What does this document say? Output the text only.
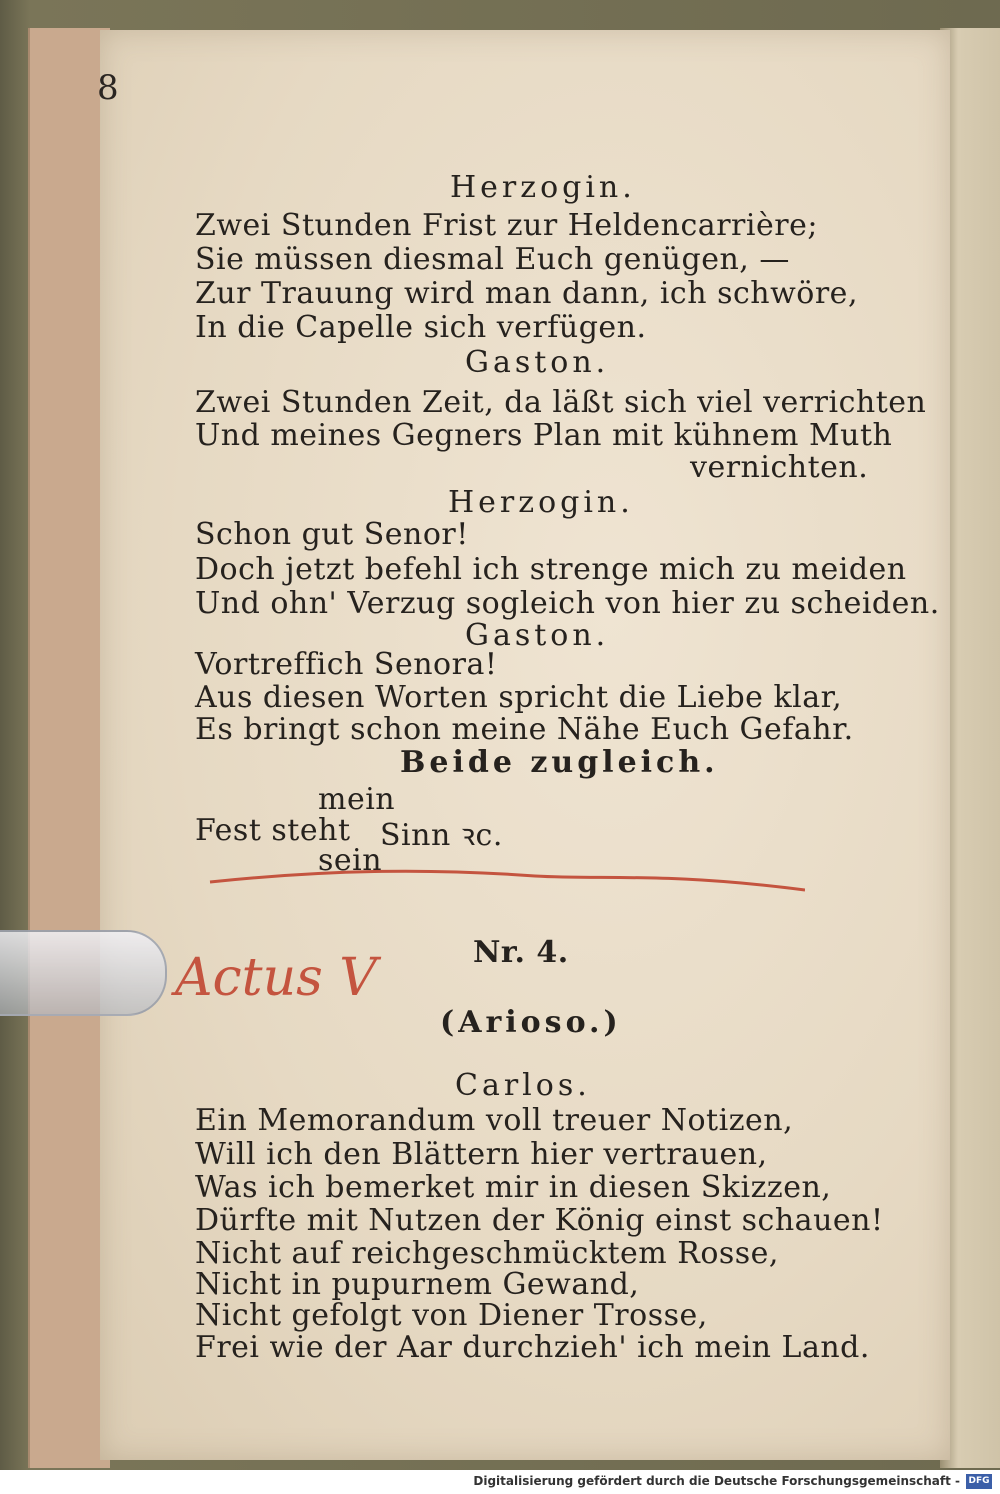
8
Herzogin.
Zwei Stunden Frist zur Heldencarrière;
Sie müssen diesmal Euch genügen, —
Zur Trauung wird man dann, ich schwöre,
In die Capelle sich verfügen.
Gaston.
Zwei Stunden Zeit, da läßt sich viel verrichten
Und meines Gegners Plan mit kühnem Muth
vernichten.
Herzogin.
Schon gut Senor!
Doch jetzt befehl ich strenge mich zu meiden
Und ohn' Verzug sogleich von hier zu scheiden.
Gaston.
Vortreffich Senora!
Aus diesen Worten spricht die Liebe klar,
Es bringt schon meine Nähe Euch Gefahr.
Beide zugleich.
mein
Fest steht Sinn ꝛc.
sein
Actus V	Nr. 4.
(Arioso.)
Carlos.
Ein Memorandum voll treuer Notizen,
Will ich den Blättern hier vertrauen,
Was ich bemerket mir in diesen Skizzen,
Dürfte mit Nutzen der König einst schauen!
Nicht auf reichgeschmücktem Rosse,
Nicht in pupurnem Gewand,
Nicht gefolgt von Diener Trosse,
Frei wie der Aar durchzieh' ich mein Land.
Digitalisierung gefördert durch die Deutsche Forschungsgemeinschaft - DFG
